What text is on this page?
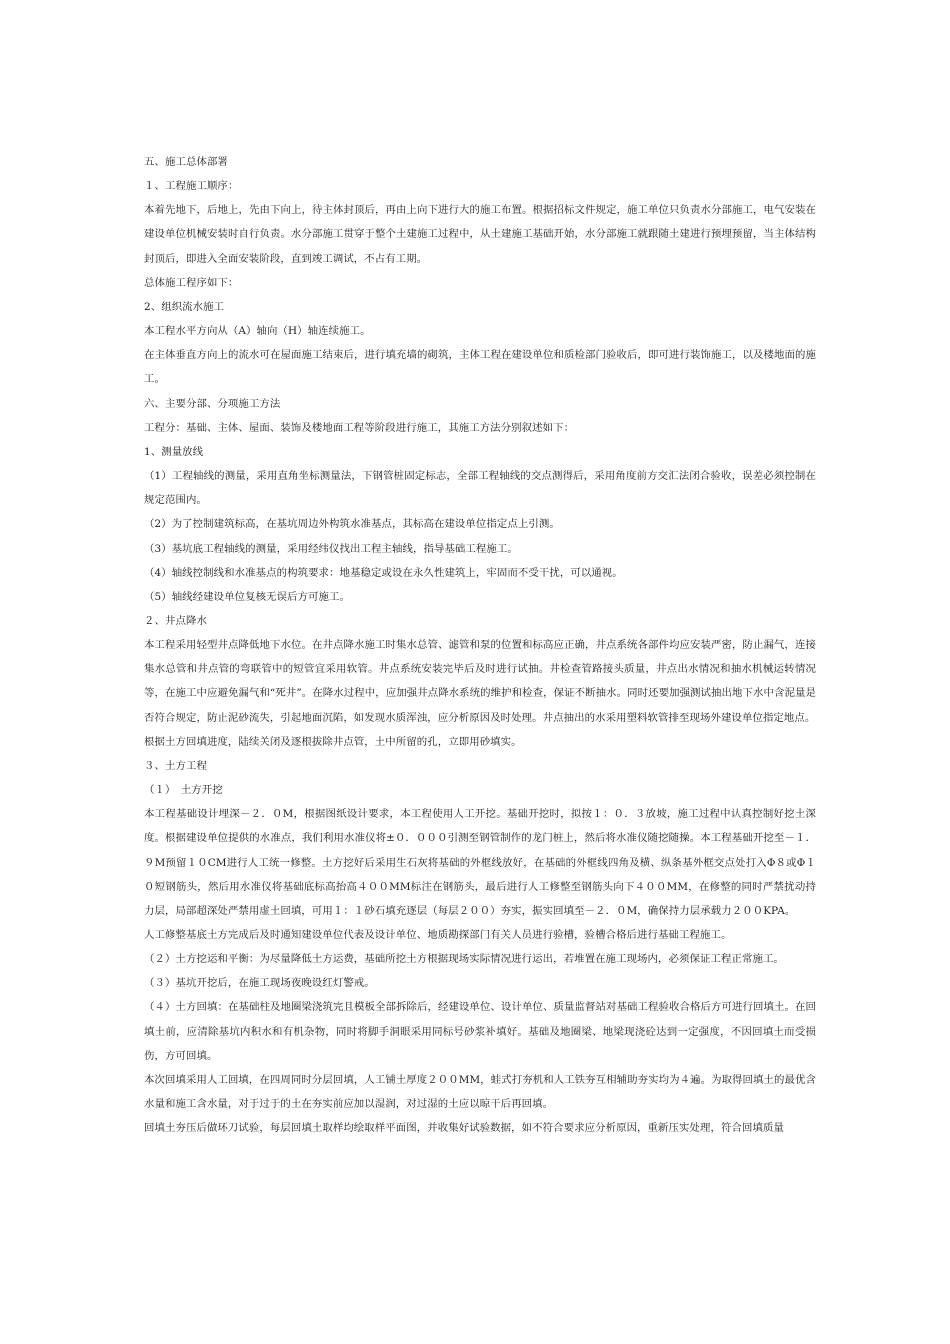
五、施工总体部署

１、工程施工顺序：

本着先地下，后地上，先由下向上，待主体封顶后，再由上向下进行大的施工布置。根据招标文件规定，施工单位只负责水分部施工，电气安装在建设单位机械安装时自行负责。水分部施工贯穿于整个土建施工过程中，从土建施工基础开始，水分部施工就跟随土建进行预埋预留，当主体结构封顶后，即进入全面安装阶段，直到竣工调试，不占有工期。

总体施工程序如下：

2、组织流水施工

本工程水平方向从（A）轴向（H）轴连续施工。

在主体垂直方向上的流水可在屋面施工结束后，进行填充墙的砌筑，主体工程在建设单位和质检部门验收后，即可进行装饰施工，以及楼地面的施工。

六、主要分部、分项施工方法

工程分：基础、主体、屋面、装饰及楼地面工程等阶段进行施工，其施工方法分别叙述如下：

1、测量放线

（1）工程轴线的测量，采用直角坐标测量法，下钢管桩固定标志，全部工程轴线的交点测得后，采用角度前方交汇法闭合验收，误差必须控制在规定范围内。

（2）为了控制建筑标高，在基坑周边外构筑水准基点，其标高在建设单位指定点上引测。

（3）基坑底工程轴线的测量，采用经纬仪找出工程主轴线，指导基础工程施工。

（4）轴线控制线和水准基点的构筑要求：地基稳定或设在永久性建筑上，牢固而不受干扰，可以通视。

（5）轴线经建设单位复核无误后方可施工。

２、井点降水

本工程采用轻型井点降低地下水位。在井点降水施工时集水总管、滤管和泵的位置和标高应正确，井点系统各部件均应安装严密，防止漏气，连接集水总管和井点管的弯联管中的短管宜采用软管。井点系统安装完毕后及时进行试抽。井检查管路接头质量，井点出水情况和抽水机械运转情况等，在施工中应避免漏气和“死井”。在降水过程中，应加强井点降水系统的维护和检查，保证不断抽水。同时还要加强测试抽出地下水中含泥量是否符合规定，防止泥砂流失，引起地面沉陷，如发现水质浑浊，应分析原因及时处理。井点抽出的水采用塑料软管排至现场外建设单位指定地点。

根据土方回填进度，陆续关闭及逐根拔除井点管，土中所留的孔，立即用砂填实。

３、土方工程

（１）　土方开挖

本工程基础设计埋深－２．０M，根据图纸设计要求，本工程使用人工开挖。基础开挖时，拟按１：０．３放坡，施工过程中认真控制好挖土深度。根据建设单位提供的水准点，我们利用水准仪将±０．０００引测至钢管制作的龙门桩上，然后将水准仪随挖随操。本工程基础开挖至－１．９M预留１０CM进行人工统一修整。土方挖好后采用生石灰将基础的外框线放好，在基础的外框线四角及横、纵条基外框交点处打入Φ８或Φ１０短钢筋头，然后用水准仪将基础底标高抬高４００MM标注在钢筋头，最后进行人工修整至钢筋头向下４００MM，在修整的同时严禁扰动持力层，局部超深处严禁用虚土回填，可用１：１砂石填充逐层（每层２００）夯实，振实回填至－２．０M，确保持力层承载力２００KPA。

人工修整基底土方完成后及时通知建设单位代表及设计单位、地质勘探部门有关人员进行验槽，验槽合格后进行基础工程施工。

（２）土方挖运和平衡：为尽量降低土方运费，基础所挖土方根据现场实际情况进行运出，若堆置在施工现场内，必须保证工程正常施工。

（３）基坑开挖后，在施工现场夜晚设红灯警戒。

（４）土方回填：在基础柱及地圈梁浇筑完且模板全部拆除后，经建设单位、设计单位、质量监督站对基础工程验收合格后方可进行回填土。在回填土前，应清除基坑内积水和有机杂物，同时将脚手洞眼采用同标号砂浆补填好。基础及地圈梁、地梁现浇砼达到一定强度，不因回填土而受损伤，方可回填。

本次回填采用人工回填，在四周同时分层回填，人工铺土厚度２００MM，蛙式打夯机和人工铁夯互相辅助夯实均为４遍。为取得回填土的最优含水量和施工含水量，对于过于的土在夯实前应加以湿润，对过湿的土应以晾干后再回填。

回填土夯压后做环刀试验，每层回填土取样均绘取样平面图，并收集好试验数据，如不符合要求应分析原因，重新压实处理，符合回填质量
